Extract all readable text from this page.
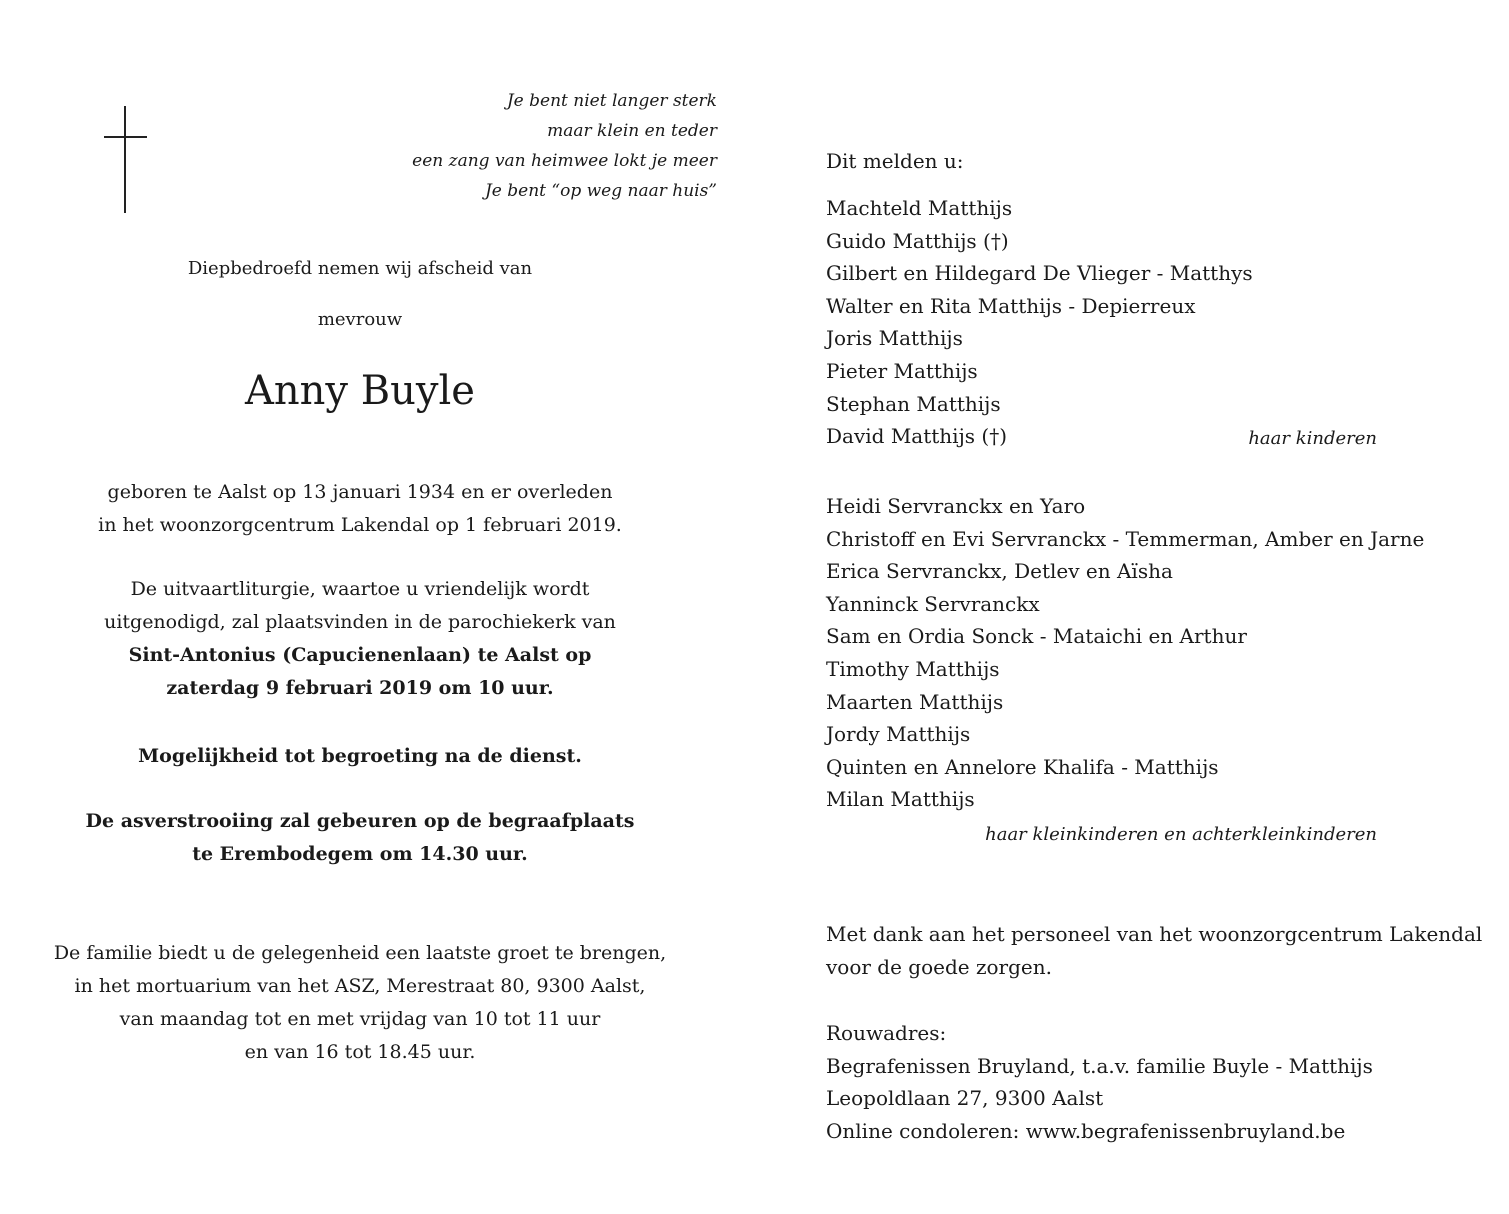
Je bent niet langer sterk
maar klein en teder
een zang van heimwee lokt je meer
Je bent “op weg naar huis”
Diepbedroefd nemen wij afscheid van
mevrouw
Anny Buyle
geboren te Aalst op 13 januari 1934 en er overleden
in het woonzorgcentrum Lakendal op 1 februari 2019.
De uitvaartliturgie, waartoe u vriendelijk wordt
uitgenodigd, zal plaatsvinden in de parochiekerk van
Sint-Antonius (Capucienenlaan) te Aalst op
zaterdag 9 februari 2019 om 10 uur.
Mogelijkheid tot begroeting na de dienst.
De asverstrooiing zal gebeuren op de begraafplaats
te Erembodegem om 14.30 uur.
De familie biedt u de gelegenheid een laatste groet te brengen,
in het mortuarium van het ASZ, Merestraat 80, 9300 Aalst,
van maandag tot en met vrijdag van 10 tot 11 uur
en van 16 tot 18.45 uur.
Dit melden u:
Machteld Matthijs
Guido Matthijs (†)
Gilbert en Hildegard De Vlieger - Matthys
Walter en Rita Matthijs - Depierreux
Joris Matthijs
Pieter Matthijs
Stephan Matthijs
David Matthijs (†)	haar kinderen
Heidi Servranckx en Yaro
Christoff en Evi Servranckx - Temmerman, Amber en Jarne
Erica Servranckx, Detlev en Aïsha
Yanninck Servranckx
Sam en Ordia Sonck - Mataichi en Arthur
Timothy Matthijs
Maarten Matthijs
Jordy Matthijs
Quinten en Annelore Khalifa - Matthijs
Milan Matthijs
haar kleinkinderen en achterkleinkinderen
Met dank aan het personeel van het woonzorgcentrum Lakendal
voor de goede zorgen.
Rouwadres:
Begrafenissen Bruyland, t.a.v. familie Buyle - Matthijs
Leopoldlaan 27, 9300 Aalst
Online condoleren: www.begrafenissenbruyland.be
